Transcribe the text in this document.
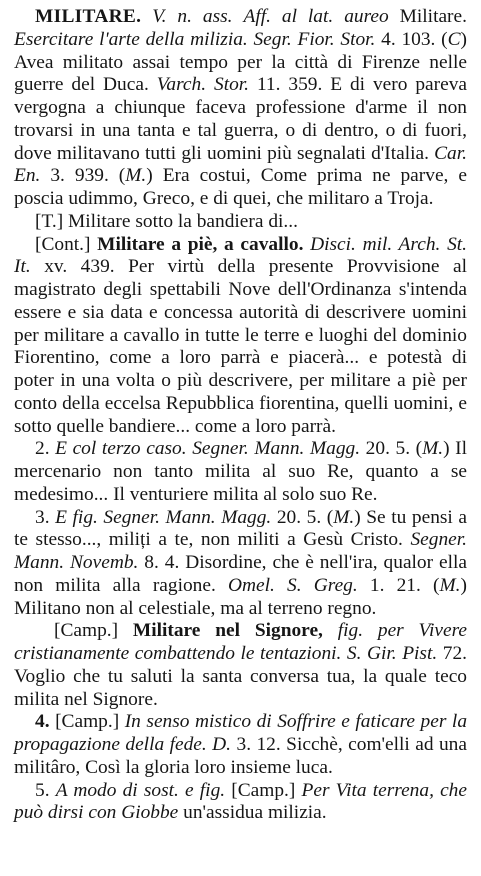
MILITARE. V. n. ass. Aff. al lat. aureo Militare. Esercitare l'arte della milizia. Segr. Fior. Stor. 4. 103. (C) Avea militato assai tempo per la città di Firenze nelle guerre del Duca. Varch. Stor. 11. 359. E di vero pareva vergogna a chiunque faceva professione d'arme il non trovarsi in una tanta e tal guerra, o di dentro, o di fuori, dove militavano tutti gli uomini più segnalati d'Italia. Car. En. 3. 939. (M.) Era costui, Come prima ne parve, e poscia udimmo, Greco, e di quei, che militaro a Troja.

[T.] Militare sotto la bandiera di...

[Cont.] Militare a piè, a cavallo. Disci. mil. Arch. St. It. xv. 439. Per virtù della presente Provvisione al magistrato degli spettabili Nove dell'Ordinanza s'intenda essere e sia data e concessa autorità di descrivere uomini per militare a cavallo in tutte le terre e luoghi del dominio Fiorentino, come a loro parrà e piacerà... e potestà di poter in una volta o più descrivere, per militare a piè per conto della eccelsa Repubblica fiorentina, quelli uomini, e sotto quelle bandiere... come a loro parrà.

2. E col terzo caso. Segner. Mann. Magg. 20. 5. (M.) Il mercenario non tanto milita al suo Re, quanto a se medesimo... Il venturiere milita al solo suo Re.

3. E fig. Segner. Mann. Magg. 20. 5. (M.) Se tu pensi a te stesso..., miliți a te, non militi a Gesù Cristo. Segner. Mann. Novemb. 8. 4. Disordine, che è nell'ira, qualor ella non milita alla ragione. Omel. S. Greg. 1. 21. (M.) Militano non al celestiale, ma al terreno regno.

[Camp.] Militare nel Signore, fig. per Vivere cristianamente combattendo le tentazioni. S. Gir. Pist. 72. Voglio che tu saluti la santa conversa tua, la quale teco milita nel Signore.

4. [Camp.] In senso mistico di Soffrire e faticare per la propagazione della fede. D. 3. 12. Sicchè, com'elli ad una militâro, Così la gloria loro insieme luca.

5. A modo di sost. e fig. [Camp.] Per Vita terrena, che può dirsi con Giobbe un'assidua milizia.
